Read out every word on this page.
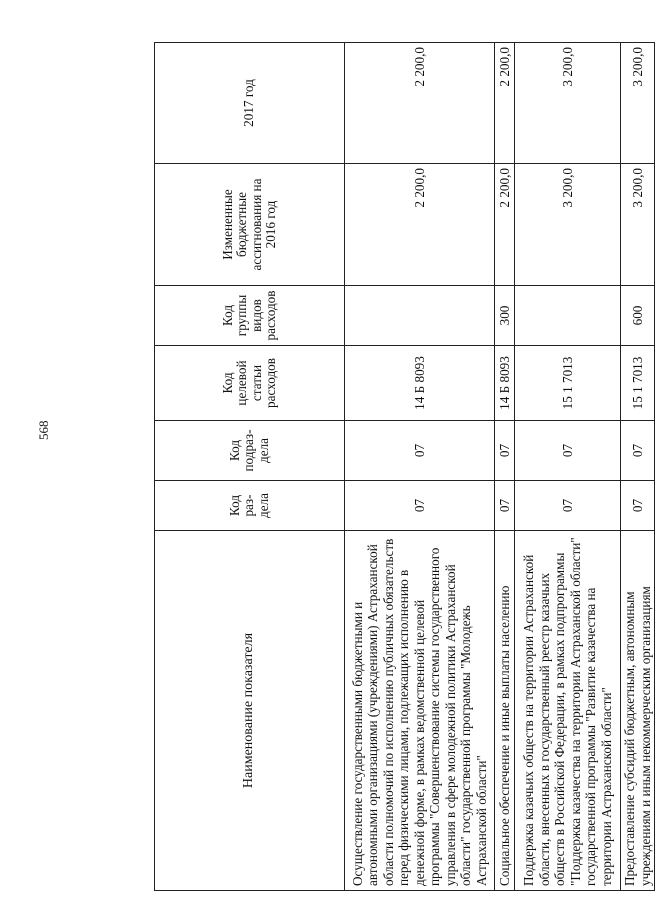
568
Наименование показателя	Код раз-дела	Код подраз-дела	Код целевой статьи расходов	Код группы видов расходов	Измененные бюджетные ассигнования на 2016 год	2017 год
Осуществление государственными бюджетными и автономными организациями (учреждениями) Астраханской области полномочий по исполнению публичных обязательств перед физическими лицами, подлежащих исполнению в денежной форме, в рамках ведомственной целевой программы "Совершенствование системы государственного управления в сфере молодежной политики Астраханской области" государственной программы "Молодежь Астраханской области"	07	07	14 Б 8093		2 200,0	2 200,0
Социальное обеспечение и иные выплаты населению	07	07	14 Б 8093	300	2 200,0	2 200,0
Поддержка казачьих обществ на территории Астраханской области, внесенных в государственный реестр казачьих обществ в Российской Федерации, в рамках подпрограммы "Поддержка казачества на территории Астраханской области" государственной программы "Развитие казачества на территории Астраханской области"	07	07	15 1 7013		3 200,0	3 200,0
Предоставление субсидий бюджетным, автономным учреждениям и иным некоммерческим организациям	07	07	15 1 7013	600	3 200,0	3 200,0
